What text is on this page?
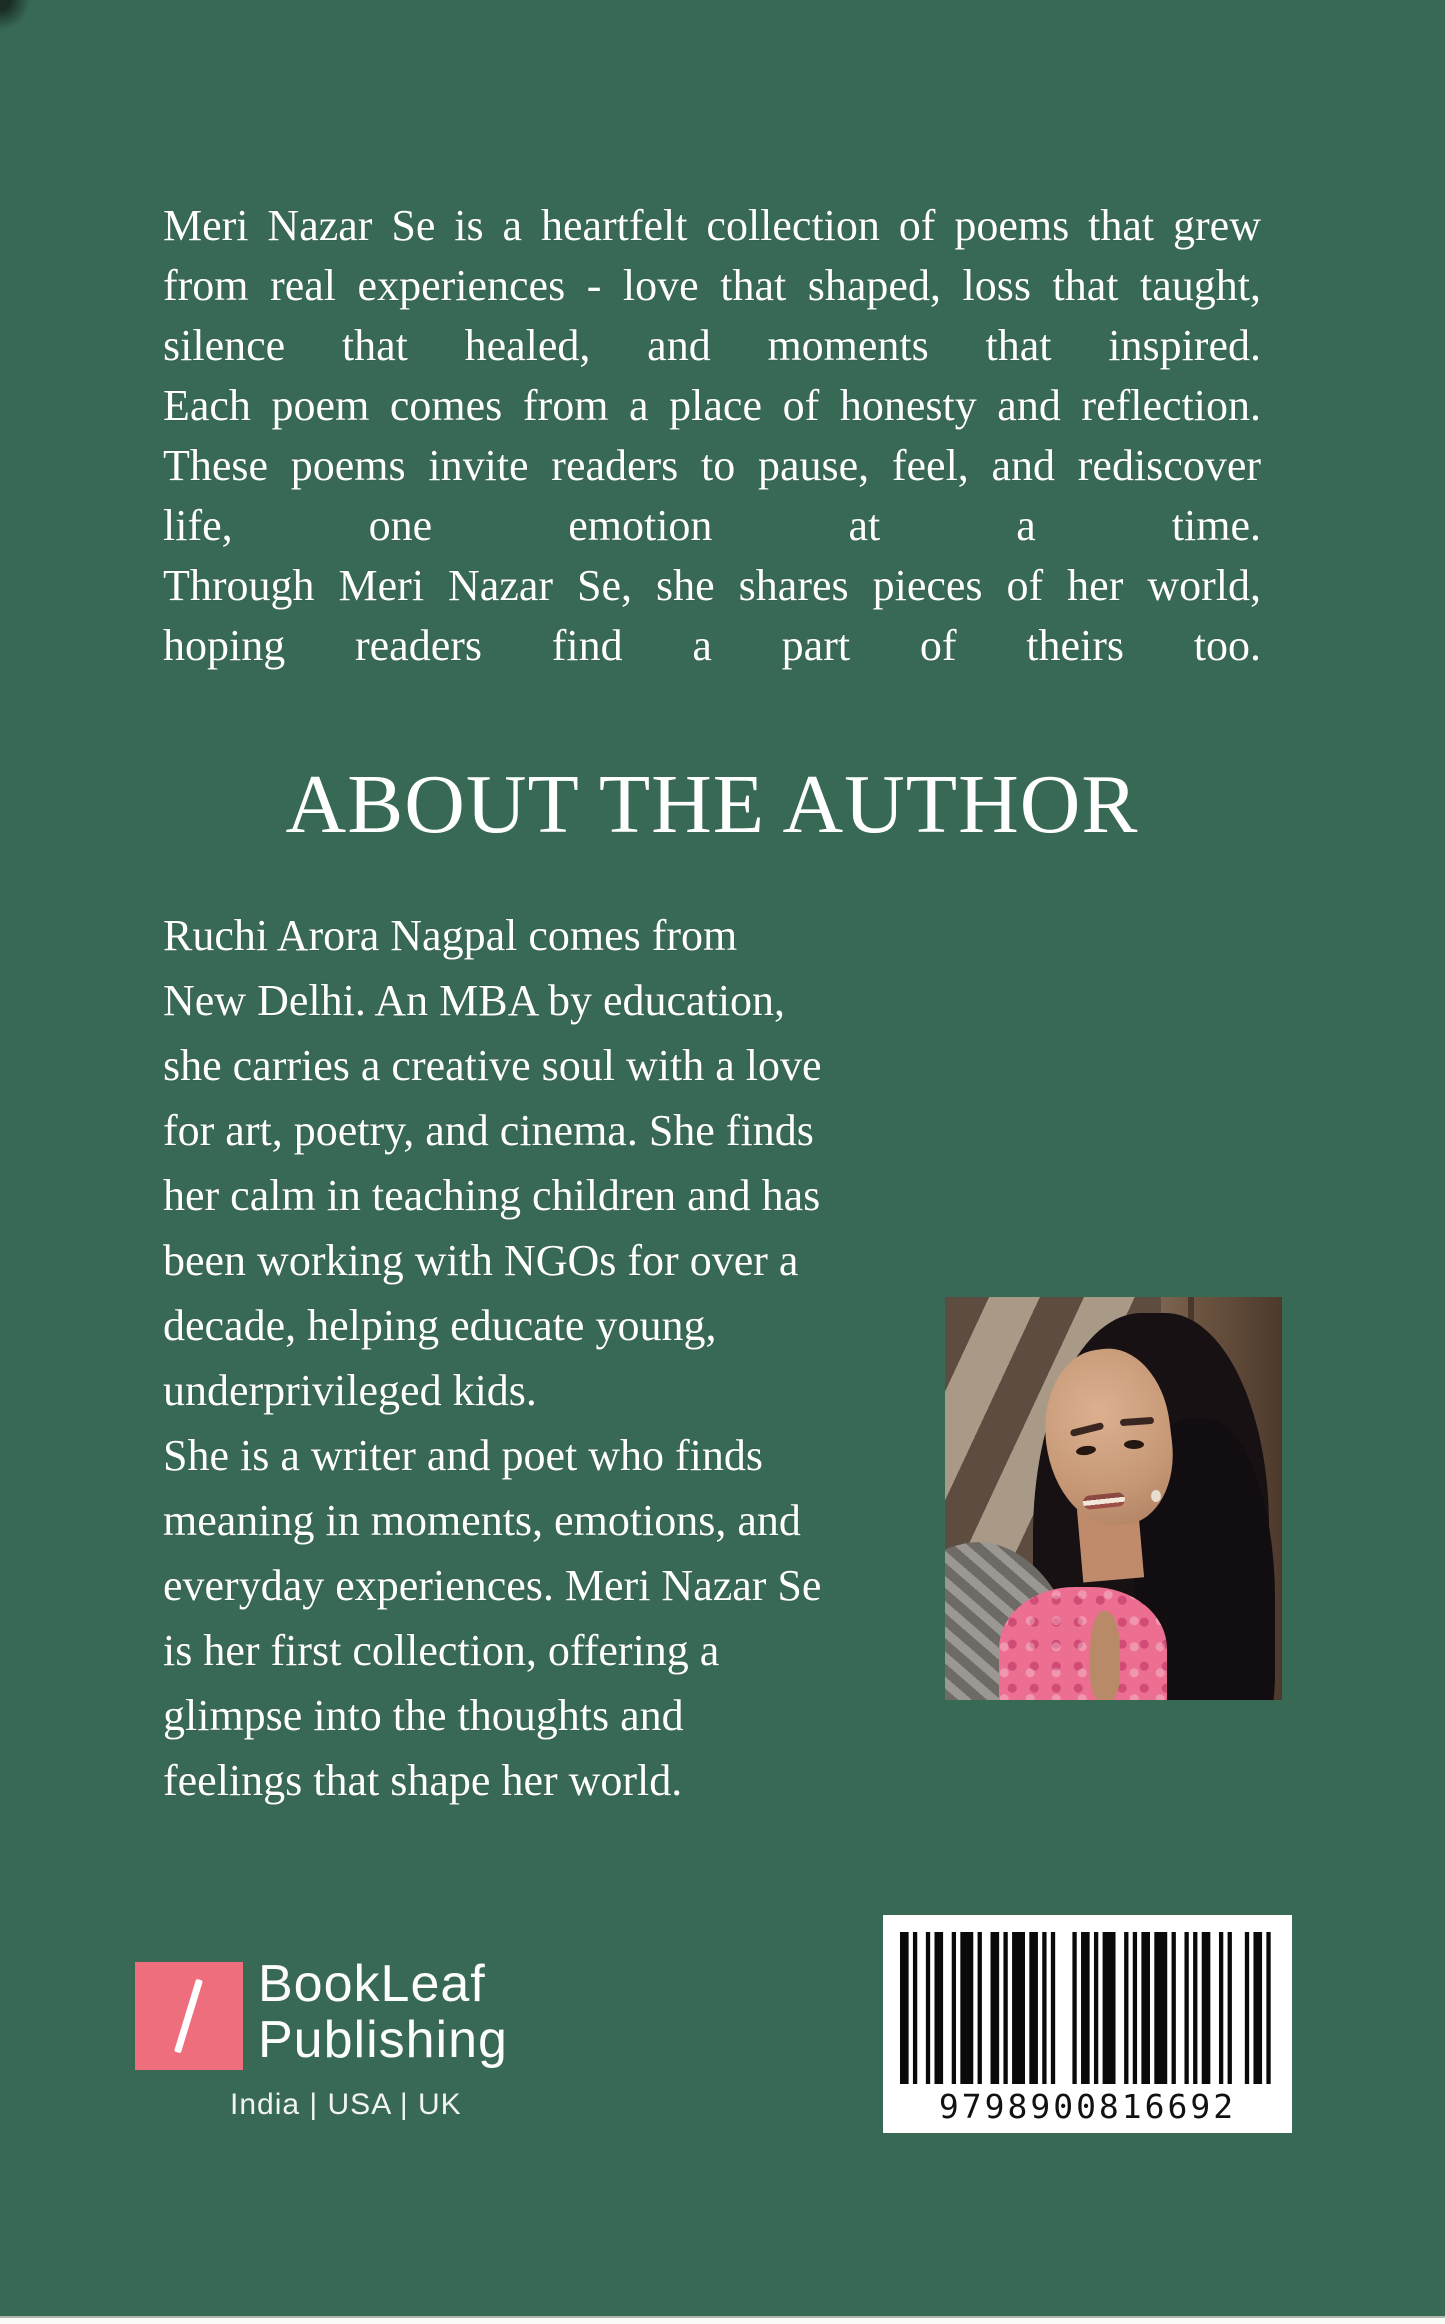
Meri Nazar Se is a heartfelt collection of poems that grew
from real experiences - love that shaped, loss that taught,
silence that healed, and moments that inspired.
Each poem comes from a place of honesty and reflection.
These poems invite readers to pause, feel, and rediscover
life, one emotion at a time.
Through Meri Nazar Se, she shares pieces of her world,
hoping readers find a part of theirs too.
ABOUT THE AUTHOR
Ruchi Arora Nagpal comes from
New Delhi. An MBA by education,
she carries a creative soul with a love
for art, poetry, and cinema. She finds
her calm in teaching children and has
been working with NGOs for over a
decade, helping educate young,
underprivileged kids.
She is a writer and poet who finds
meaning in moments, emotions, and
everyday experiences. Meri Nazar Se
is her first collection, offering a
glimpse into the thoughts and
feelings that shape her world.
BookLeaf
Publishing
India | USA | UK	9798900816692
